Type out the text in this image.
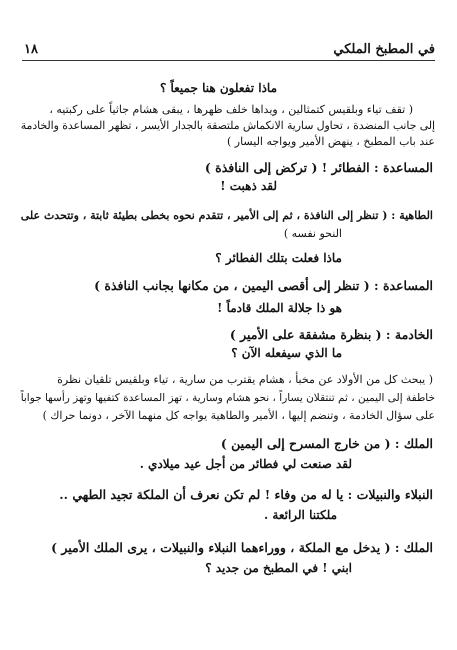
في المطبخ الملكي
١٨
ماذا تفعلون هنا جميعاً ؟
( تقف تياء وبلقيس كتمثالين ، ويداها خلف ظهرها ، يبقى هشام جاثياً على ركبتيه ،
إلى جانب المنضدة ، تحاول سارية الانكماش ملتصقة بالجدار الأيسر ، تظهر المساعدة والخادمة
عند باب المطبخ ، ينهض الأمير ويواجه اليسار )
المساعدة : الفطائر ! ( تركض إلى النافذة )
لقد ذهبت !
الطاهية : ( تنظر إلى النافذة ، ثم إلى الأمير ، تتقدم نحوه بخطى بطيئة ثابتة ، وتتحدث على
النحو نفسه )
ماذا فعلت بتلك الفطائر ؟
المساعدة : ( تنظر إلى أقصى اليمين ، من مكانها بجانب النافذة )
هو ذا جلالة الملك قادماً !
الخادمة : ( بنظرة مشفقة على الأمير )
ما الذي سيفعله الآن ؟
( يبحث كل من الأولاد عن مخبأ ، هشام يقترب من سارية ، تياء وبلقيس تلقيان نظرة
خاطفة إلى اليمين ، ثم تنتقلان يساراً ، نحو هشام وسارية ، تهز المساعدة كتفيها وتهز رأسها جواباً
على سؤال الخادمة ، وتنضم إليها ، الأمير والطاهية يواجه كل منهما الآخر ، دونما حراك )
الملك : ( من خارج المسرح إلى اليمين )
لقد صنعت لي فطائر من أجل عيد ميلادي .
النبلاء والنبيلات : يا له من وفاء ! لم تكن نعرف أن الملكة تجيد الطهي ..
ملكتنا الرائعة .
الملك : ( يدخل مع الملكة ، ووراءهما النبلاء والنبيلات ، يرى الملك الأمير )
ابني ! في المطبخ من جديد ؟
